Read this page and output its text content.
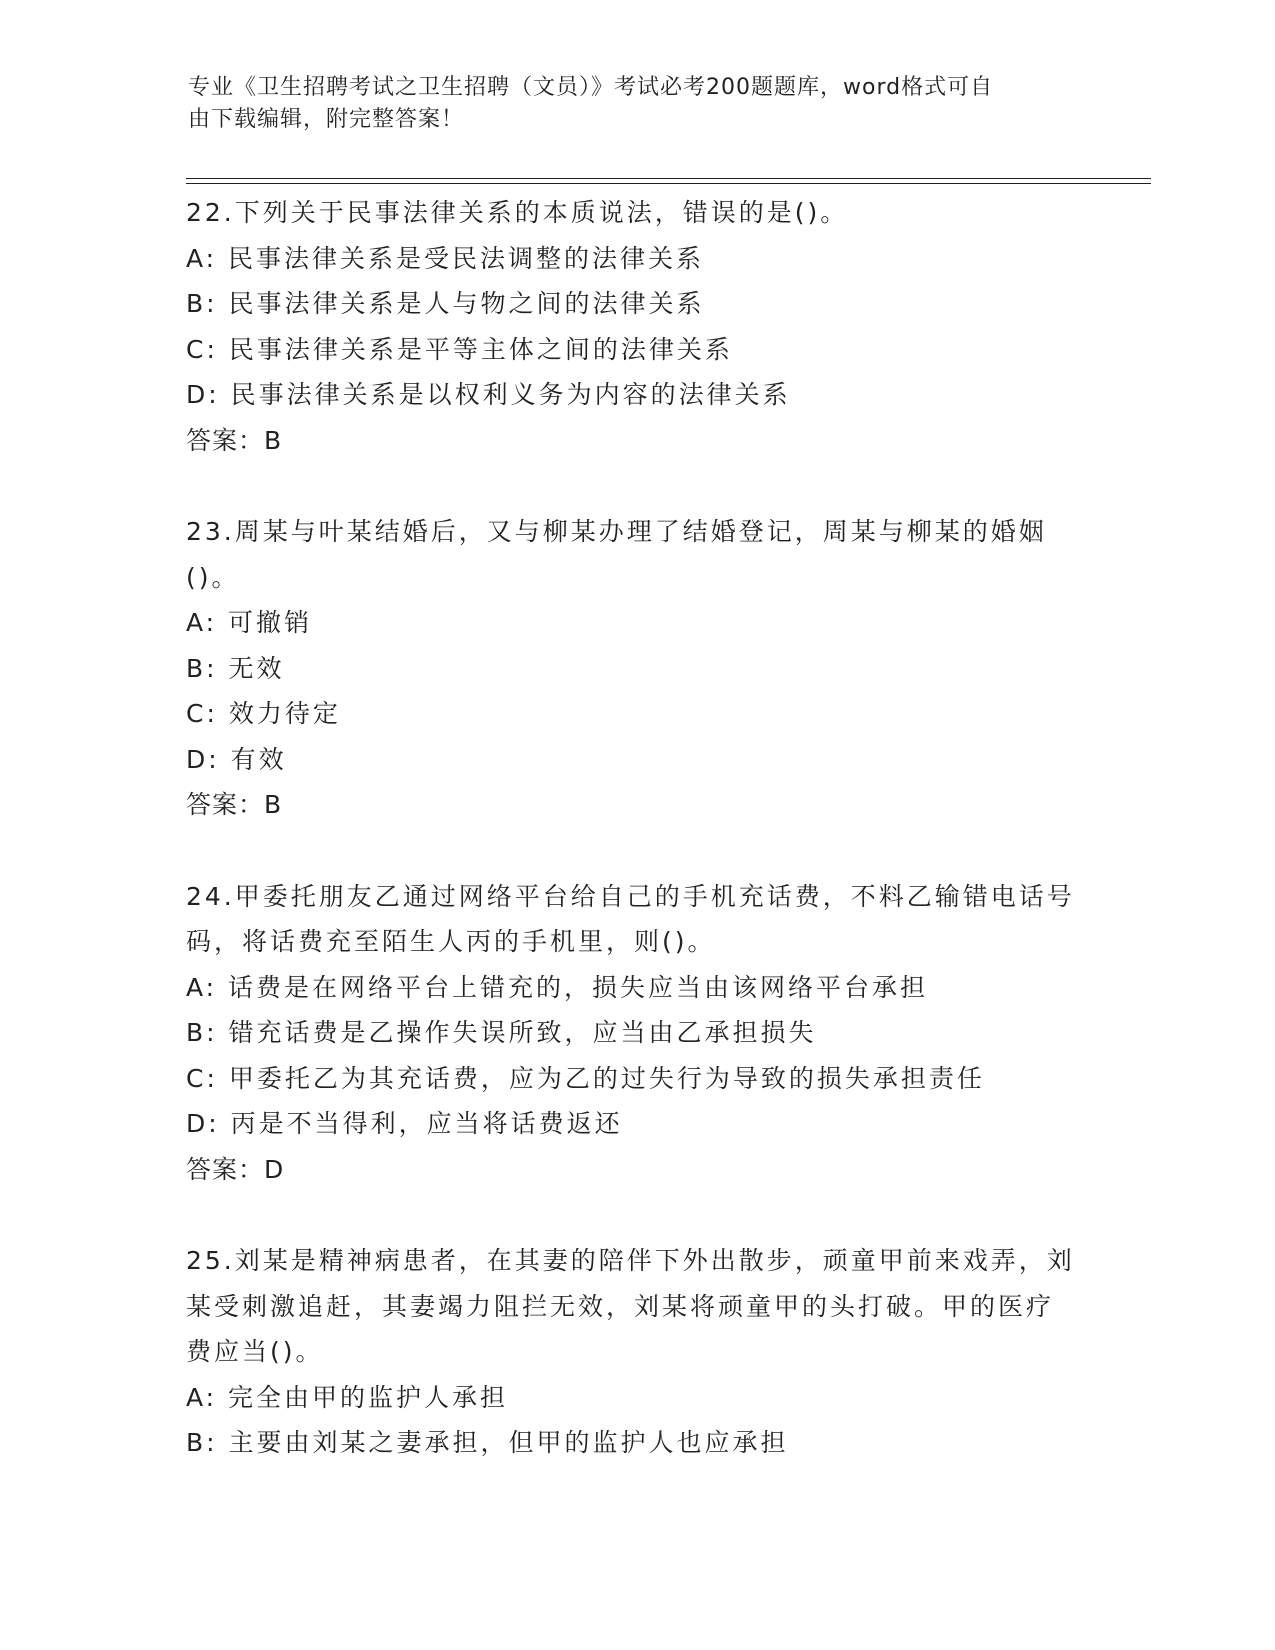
专业《卫生招聘考试之卫生招聘（文员）》考试必考200题题库，word格式可自
由下载编辑，附完整答案！
22.下列关于民事法律关系的本质说法，错误的是()。
A: 民事法律关系是受民法调整的法律关系
B: 民事法律关系是人与物之间的法律关系
C: 民事法律关系是平等主体之间的法律关系
D: 民事法律关系是以权利义务为内容的法律关系
答案：B
23.周某与叶某结婚后，又与柳某办理了结婚登记，周某与柳某的婚姻()。
A: 可撤销
B: 无效
C: 效力待定
D: 有效
答案：B
24.甲委托朋友乙通过网络平台给自己的手机充话费，不料乙输错电话号码，将话费充至陌生人丙的手机里，则()。
A: 话费是在网络平台上错充的，损失应当由该网络平台承担
B: 错充话费是乙操作失误所致，应当由乙承担损失
C: 甲委托乙为其充话费，应为乙的过失行为导致的损失承担责任
D: 丙是不当得利，应当将话费返还
答案：D
25.刘某是精神病患者，在其妻的陪伴下外出散步，顽童甲前来戏弄，刘某受刺激追赶，其妻竭力阻拦无效，刘某将顽童甲的头打破。甲的医疗费应当()。
A: 完全由甲的监护人承担
B: 主要由刘某之妻承担，但甲的监护人也应承担
